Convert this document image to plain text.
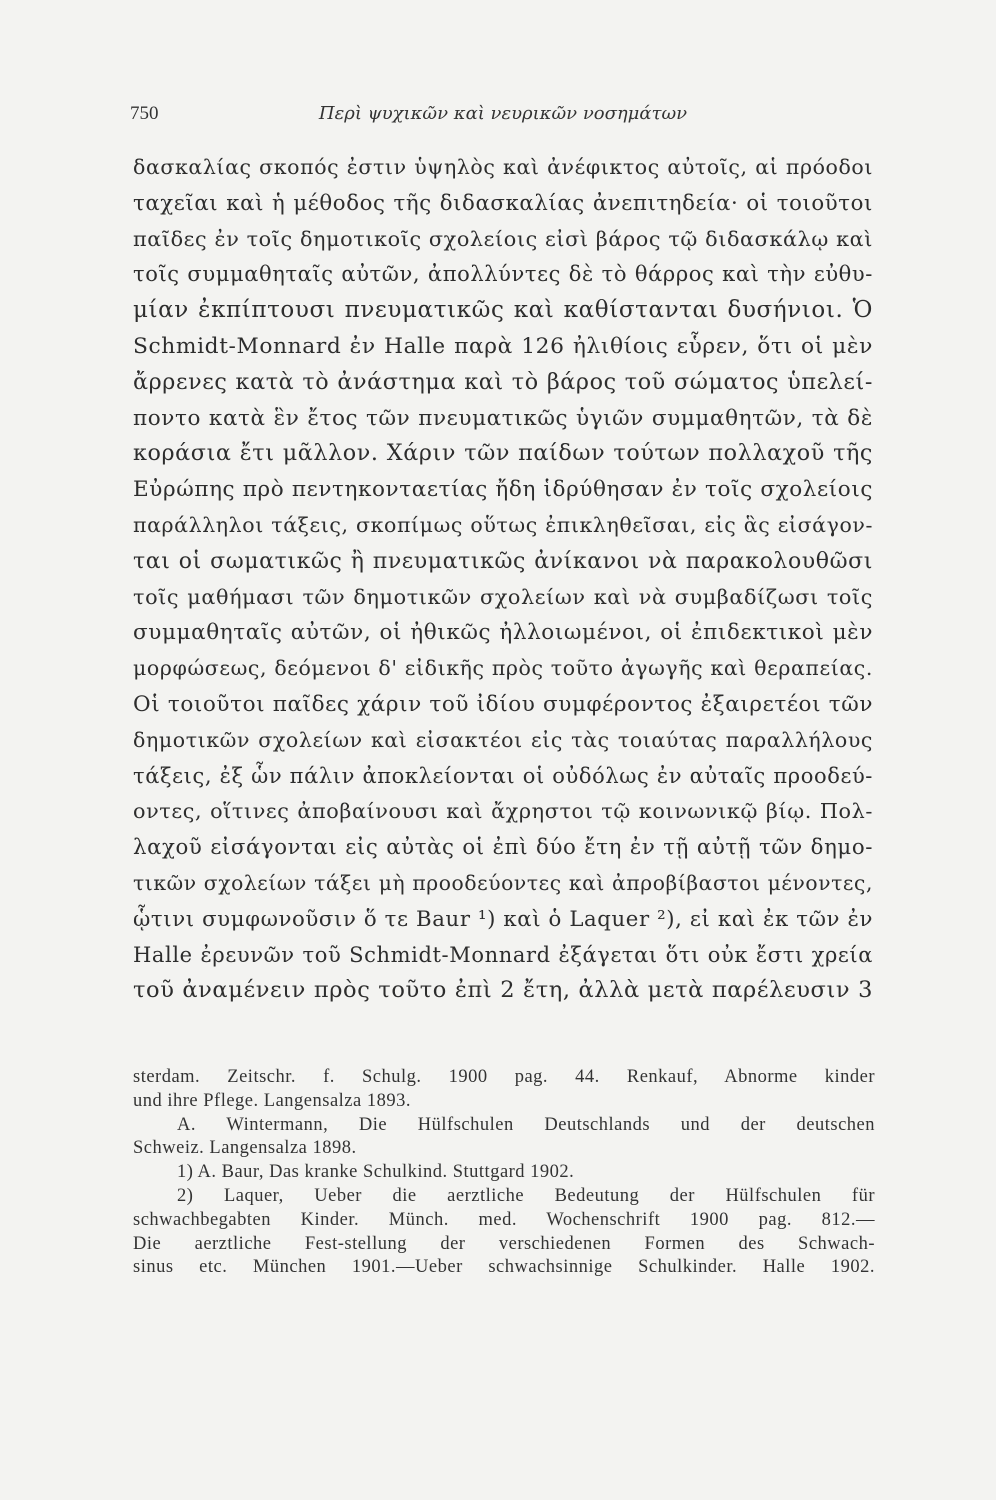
750	Περὶ ψυχικῶν καὶ νευρικῶν νοσημάτων
δασκαλίας σκοπός ἐστιν ὑψηλὸς καὶ ἀνέφικτος αὐτοῖς, αἱ πρόοδοι
ταχεῖαι καὶ ἡ μέθοδος τῆς διδασκαλίας ἀνεπιτηδεία· οἱ τοιοῦτοι
παῖδες ἐν τοῖς δημοτικοῖς σχολείοις εἰσὶ βάρος τῷ διδασκάλῳ καὶ
τοῖς συμμαθηταῖς αὐτῶν, ἀπολλύντες δὲ τὸ θάρρος καὶ τὴν εὐθυ-
μίαν ἐκπίπτουσι πνευματικῶς καὶ καθίστανται δυσήνιοι. Ὁ
Schmidt-Monnard ἐν Halle παρὰ 126 ἠλιθίοις εὗρεν, ὅτι οἱ μὲν
ἄρρενες κατὰ τὸ ἀνάστημα καὶ τὸ βάρος τοῦ σώματος ὑπελεί-
ποντο κατὰ ἓν ἔτος τῶν πνευματικῶς ὑγιῶν συμμαθητῶν, τὰ δὲ
κοράσια ἔτι μᾶλλον. Χάριν τῶν παίδων τούτων πολλαχοῦ τῆς
Εὐρώπης πρὸ πεντηκονταετίας ἤδη ἱδρύθησαν ἐν τοῖς σχολείοις
παράλληλοι τάξεις, σκοπίμως οὕτως ἐπικληθεῖσαι, εἰς ἃς εἰσάγον-
ται οἱ σωματικῶς ἢ πνευματικῶς ἀνίκανοι νὰ παρακολουθῶσι
τοῖς μαθήμασι τῶν δημοτικῶν σχολείων καὶ νὰ συμβαδίζωσι τοῖς
συμμαθηταῖς αὐτῶν, οἱ ἠθικῶς ἠλλοιωμένοι, οἱ ἐπιδεκτικοὶ μὲν
μορφώσεως, δεόμενοι δ' εἰδικῆς πρὸς τοῦτο ἀγωγῆς καὶ θεραπείας.
Οἱ τοιοῦτοι παῖδες χάριν τοῦ ἰδίου συμφέροντος ἐξαιρετέοι τῶν
δημοτικῶν σχολείων καὶ εἰσακτέοι εἰς τὰς τοιαύτας παραλλήλους
τάξεις, ἐξ ὧν πάλιν ἀποκλείονται οἱ οὐδόλως ἐν αὐταῖς προοδεύ-
οντες, οἵτινες ἀποβαίνουσι καὶ ἄχρηστοι τῷ κοινωνικῷ βίῳ. Πολ-
λαχοῦ εἰσάγονται εἰς αὐτὰς οἱ ἐπὶ δύο ἔτη ἐν τῇ αὐτῇ τῶν δημο-
τικῶν σχολείων τάξει μὴ προοδεύοντες καὶ ἀπροβίβαστοι μένοντες,
ᾧτινι συμφωνοῦσιν ὅ τε Baur ¹) καὶ ὁ Laquer ²), εἰ καὶ ἐκ τῶν ἐν
Halle ἐρευνῶν τοῦ Schmidt-Monnard ἐξάγεται ὅτι οὐκ ἔστι χρεία
τοῦ ἀναμένειν πρὸς τοῦτο ἐπὶ 2 ἔτη, ἀλλὰ μετὰ παρέλευσιν 3
sterdam. Zeitschr. f. Schulg. 1900 pag. 44. Renkauf, Abnorme kinder
und ihre Pflege. Langensalza 1893.
A. Wintermann, Die Hülfschulen Deutschlands und der deutschen
Schweiz. Langensalza 1898.
1) A. Baur, Das kranke Schulkind. Stuttgard 1902.
2) Laquer, Ueber die aerztliche Bedeutung der Hülfschulen für
schwachbegabten Kinder. Münch. med. Wochenschrift 1900 pag. 812.—
Die aerztliche Fest-stellung der verschiedenen Formen des Schwach-
sinus etc. München 1901.—Ueber schwachsinnige Schulkinder. Halle 1902.
